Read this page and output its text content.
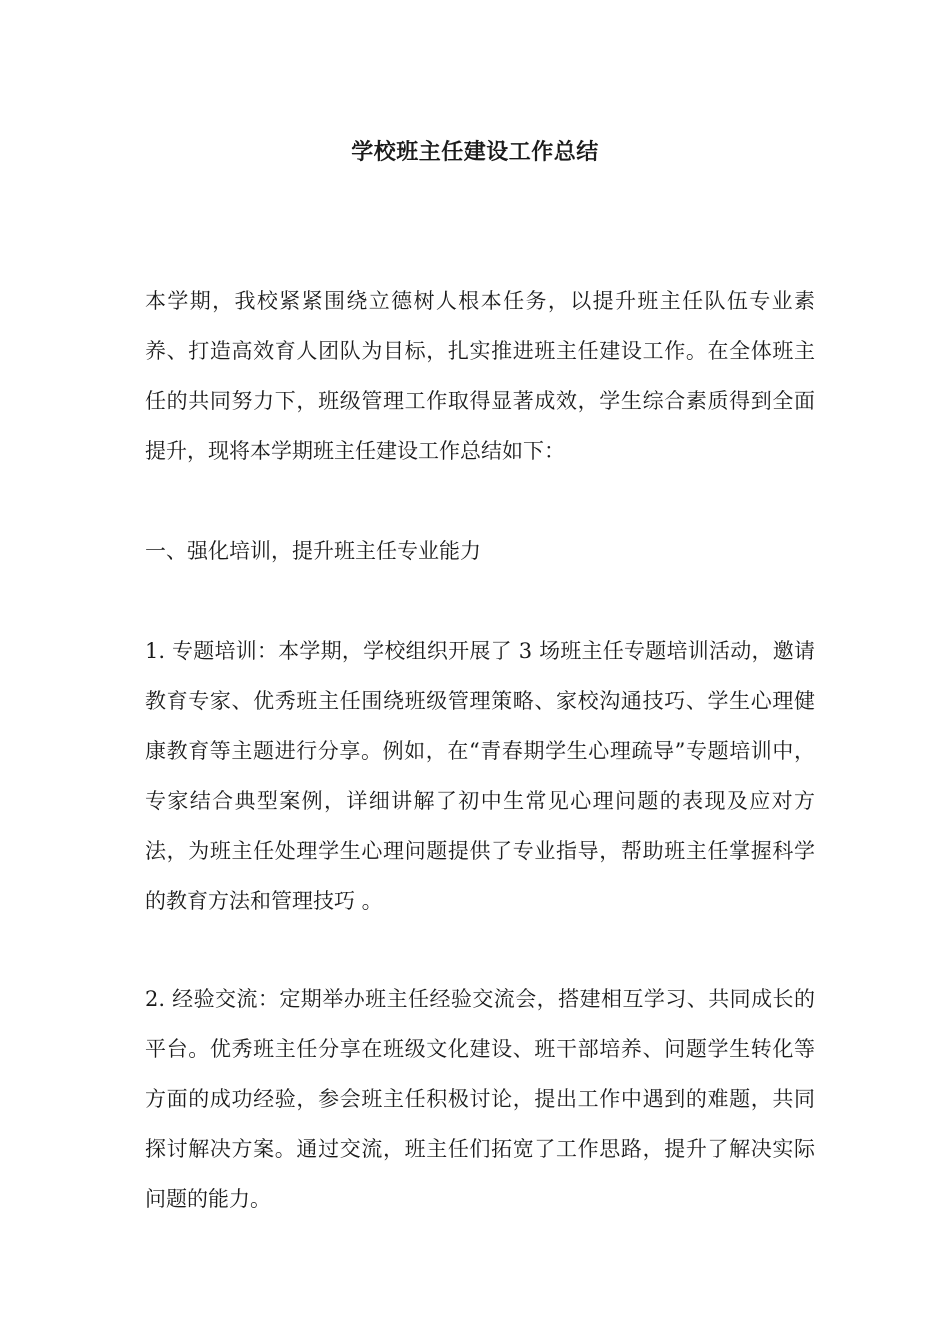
学校班主任建设工作总结

本学期，我校紧紧围绕立德树人根本任务，以提升班主任队伍专业素养、打造高效育人团队为目标，扎实推进班主任建设工作。在全体班主任的共同努力下，班级管理工作取得显著成效，学生综合素质得到全面提升，现将本学期班主任建设工作总结如下：

一、强化培训，提升班主任专业能力

1. 专题培训：本学期，学校组织开展了 3 场班主任专题培训活动，邀请教育专家、优秀班主任围绕班级管理策略、家校沟通技巧、学生心理健康教育等主题进行分享。例如，在“青春期学生心理疏导”专题培训中，专家结合典型案例，详细讲解了初中生常见心理问题的表现及应对方法，为班主任处理学生心理问题提供了专业指导，帮助班主任掌握科学的教育方法和管理技巧 。

2. 经验交流：定期举办班主任经验交流会，搭建相互学习、共同成长的平台。优秀班主任分享在班级文化建设、班干部培养、问题学生转化等方面的成功经验，参会班主任积极讨论，提出工作中遇到的难题，共同探讨解决方案。通过交流，班主任们拓宽了工作思路，提升了解决实际问题的能力。
